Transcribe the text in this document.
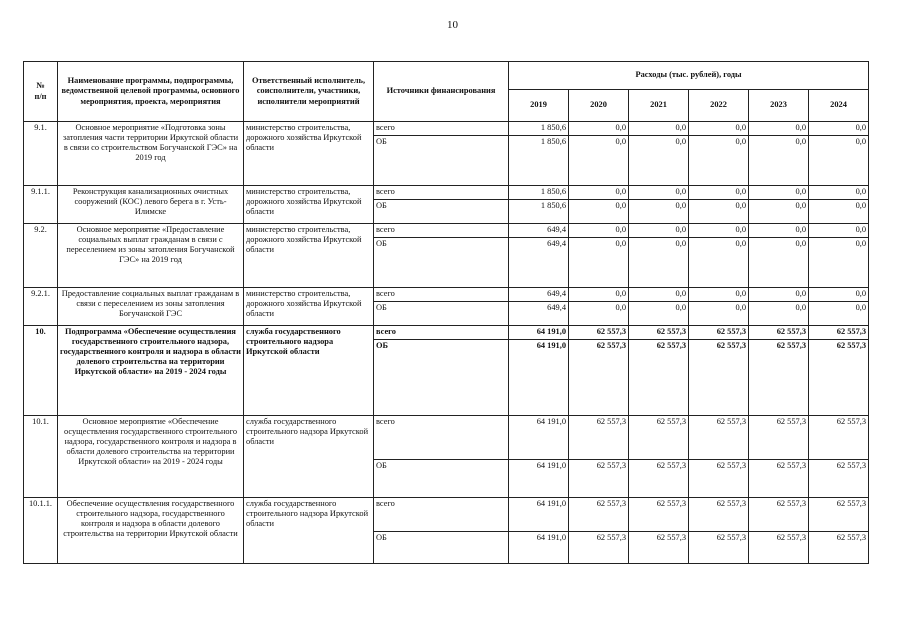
10
№
п/п	Наименование программы, подпрограммы, ведомственной целевой программы, основного мероприятия, проекта, мероприятия	Ответственный исполнитель, соисполнители, участники, исполнители мероприятий	Источники финансирования	Расходы (тыс. рублей), годы					
				2019	2020	2021	2022	2023	2024
9.1.	Основное мероприятие «Подготовка зоны затопления части территории Иркутской области в связи со строительством Богучанской ГЭС» на 2019 год	министерство строительства, дорожного хозяйства Иркутской области	всего	1 850,6	0,0	0,0	0,0	0,0	0,0
			ОБ	1 850,6	0,0	0,0	0,0	0,0	0,0
9.1.1.	Реконструкция канализационных очистных сооружений (КОС) левого берега в г. Усть-Илимске	министерство строительства, дорожного хозяйства Иркутской области	всего	1 850,6	0,0	0,0	0,0	0,0	0,0
			ОБ	1 850,6	0,0	0,0	0,0	0,0	0,0
9.2.	Основное мероприятие «Предоставление социальных выплат гражданам в связи с переселением из зоны затопления Богучанской ГЭС» на 2019 год	министерство строительства, дорожного хозяйства Иркутской области	всего	649,4	0,0	0,0	0,0	0,0	0,0
			ОБ	649,4	0,0	0,0	0,0	0,0	0,0
9.2.1.	Предоставление социальных выплат гражданам в связи с переселением из зоны затопления Богучанской ГЭС	министерство строительства, дорожного хозяйства Иркутской области	всего	649,4	0,0	0,0	0,0	0,0	0,0
			ОБ	649,4	0,0	0,0	0,0	0,0	0,0
10.	Подпрограмма «Обеспечение осуществления государственного строительного надзора, государственного контроля и надзора в области долевого строительства на территории Иркутской области» на 2019 - 2024 годы	служба государственного строительного надзора Иркутской области	всего	64 191,0	62 557,3	62 557,3	62 557,3	62 557,3	62 557,3
			ОБ	64 191,0	62 557,3	62 557,3	62 557,3	62 557,3	62 557,3
10.1.	Основное мероприятие «Обеспечение осуществления государственного строительного надзора, государственного контроля и надзора в области долевого строительства на территории Иркутской области» на 2019 - 2024 годы	служба государственного строительного надзора Иркутской области	всего	64 191,0	62 557,3	62 557,3	62 557,3	62 557,3	62 557,3
			ОБ	64 191,0	62 557,3	62 557,3	62 557,3	62 557,3	62 557,3
10.1.1.	Обеспечение осуществления государственного строительного надзора, государственного контроля и надзора в области долевого строительства на территории Иркутской области	служба государственного строительного надзора Иркутской области	всего	64 191,0	62 557,3	62 557,3	62 557,3	62 557,3	62 557,3
			ОБ	64 191,0	62 557,3	62 557,3	62 557,3	62 557,3	62 557,3
